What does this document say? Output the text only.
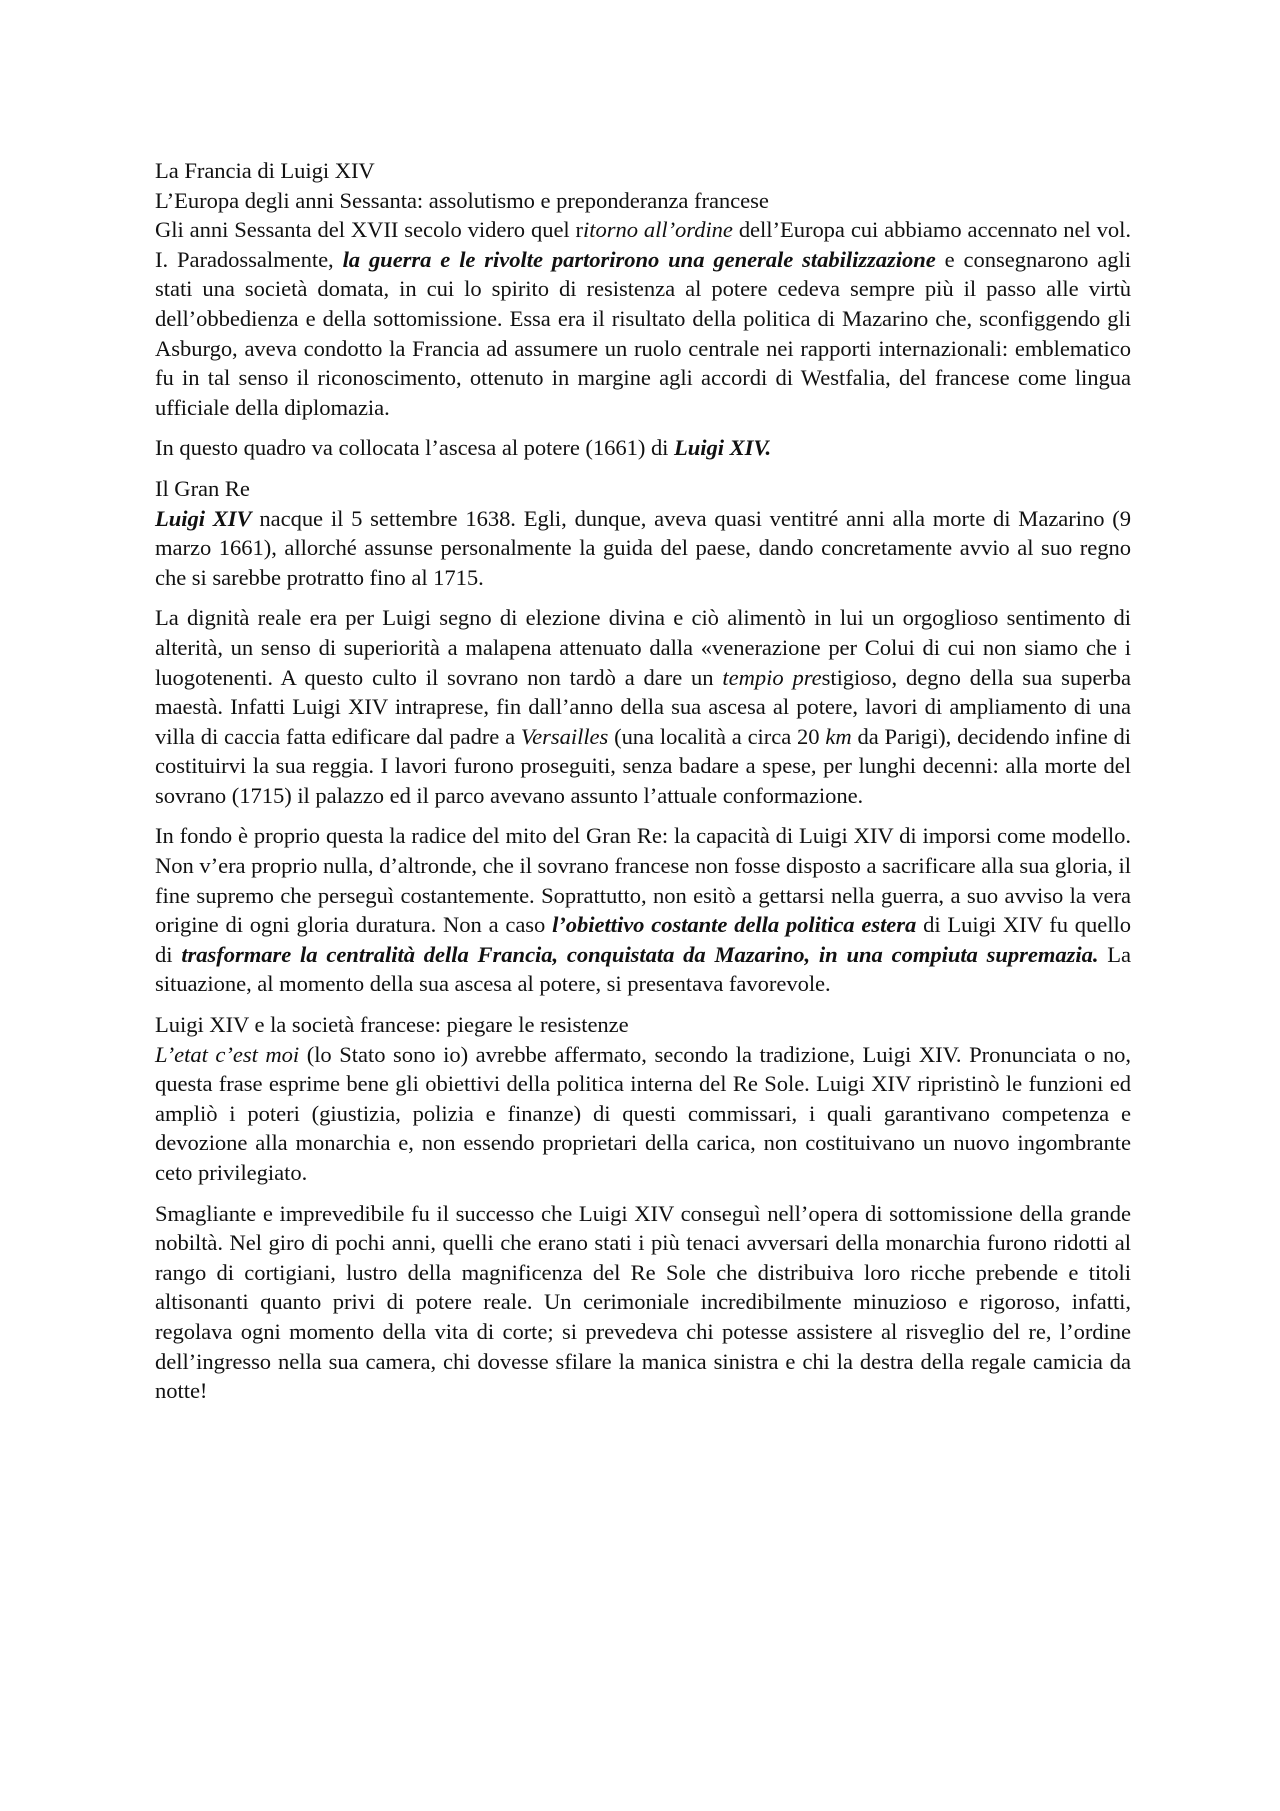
La Francia di Luigi XIV
L’Europa degli anni Sessanta: assolutismo e preponderanza francese

Gli anni Sessanta del XVII secolo videro quel ritorno all’ordine dell’Europa cui abbiamo accennato nel vol. I. Paradossalmente, la guerra e le rivolte partorirono una generale stabilizzazione e consegnarono agli stati una società domata, in cui lo spirito di resistenza al potere cedeva sempre più il passo alle virtù dell’obbedienza e della sottomissione. Essa era il risultato della politica di Mazarino che, sconfiggendo gli Asburgo, aveva condotto la Francia ad assumere un ruolo centrale nei rapporti internazionali: emblematico fu in tal senso il riconoscimento, ottenuto in margine agli accordi di Westfalia, del francese come lingua ufficiale della diplomazia.

In questo quadro va collocata l’ascesa al potere (1661) di Luigi XIV.

Il Gran Re

Luigi XIV nacque il 5 settembre 1638. Egli, dunque, aveva quasi ventitré anni alla morte di Mazarino (9 marzo 1661), allorché assunse personalmente la guida del paese, dando concretamente avvio al suo regno che si sarebbe protratto fino al 1715.

La dignità reale era per Luigi segno di elezione divina e ciò alimentò in lui un orgoglioso sentimento di alterità, un senso di superiorità a malapena attenuato dalla «venerazione per Colui di cui non siamo che i luogotenenti. A questo culto il sovrano non tardò a dare un tempio prestigioso, degno della sua superba maestà. Infatti Luigi XIV intraprese, fin dall’anno della sua ascesa al potere, lavori di ampliamento di una villa di caccia fatta edificare dal padre a Versailles (una località a circa 20 km da Parigi), decidendo infine di costituirvi la sua reggia. I lavori furono proseguiti, senza badare a spese, per lunghi decenni: alla morte del sovrano (1715) il palazzo ed il parco avevano assunto l’attuale conformazione.

In fondo è proprio questa la radice del mito del Gran Re: la capacità di Luigi XIV di imporsi come modello. Non v’era proprio nulla, d’altronde, che il sovrano francese non fosse disposto a sacrificare alla sua gloria, il fine supremo che perseguì costantemente. Soprattutto, non esitò a gettarsi nella guerra, a suo avviso la vera origine di ogni gloria duratura. Non a caso l’obiettivo costante della politica estera di Luigi XIV fu quello di trasformare la centralità della Francia, conquistata da Mazarino, in una compiuta supremazia. La situazione, al momento della sua ascesa al potere, si presentava favorevole.

Luigi XIV e la società francese: piegare le resistenze

L’etat c’est moi (lo Stato sono io) avrebbe affermato, secondo la tradizione, Luigi XIV. Pronunciata o no, questa frase esprime bene gli obiettivi della politica interna del Re Sole. Luigi XIV ripristinò le funzioni ed ampliò i poteri (giustizia, polizia e finanze) di questi commissari, i quali garantivano competenza e devozione alla monarchia e, non essendo proprietari della carica, non costituivano un nuovo ingombrante ceto privilegiato.

Smagliante e imprevedibile fu il successo che Luigi XIV conseguì nell’opera di sottomissione della grande nobiltà. Nel giro di pochi anni, quelli che erano stati i più tenaci avversari della monarchia furono ridotti al rango di cortigiani, lustro della magnificenza del Re Sole che distribuiva loro ricche prebende e titoli altisonanti quanto privi di potere reale. Un cerimoniale incredibilmente minuzioso e rigoroso, infatti, regolava ogni momento della vita di corte; si prevedeva chi potesse assistere al risveglio del re, l’ordine dell’ingresso nella sua camera, chi dovesse sfilare la manica sinistra e chi la destra della regale camicia da notte!
